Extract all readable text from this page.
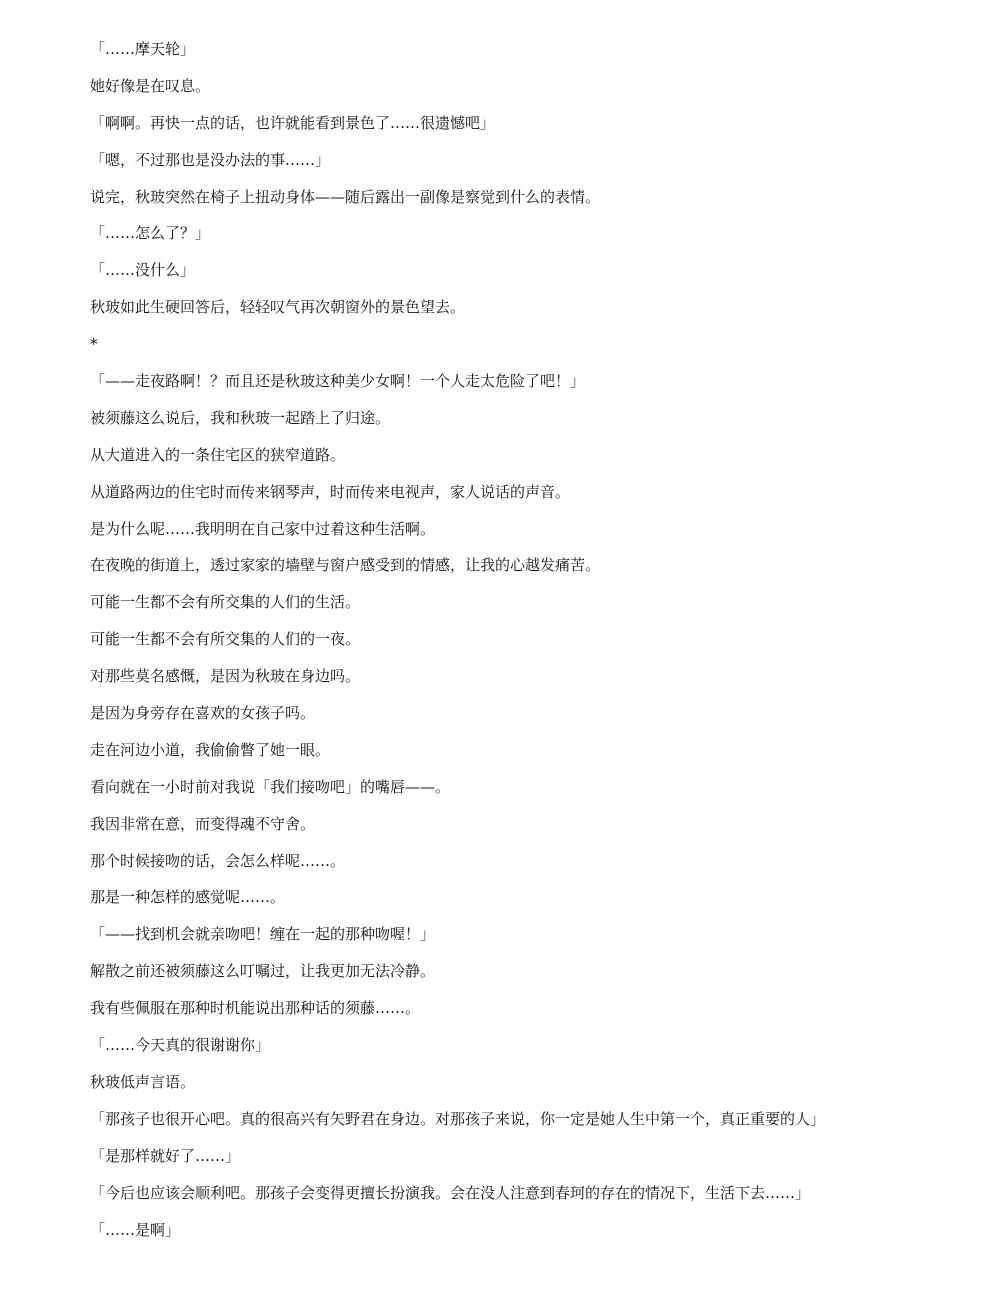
「……摩天轮」
她好像是在叹息。
「啊啊。再快一点的话，也许就能看到景色了……很遗憾吧」
「嗯，不过那也是没办法的事……」
说完，秋玻突然在椅子上扭动身体——随后露出一副像是察觉到什么的表情。
「……怎么了？」
「……没什么」
秋玻如此生硬回答后，轻轻叹气再次朝窗外的景色望去。
*
「——走夜路啊！？而且还是秋玻这种美少女啊！一个人走太危险了吧！」
被须藤这么说后，我和秋玻一起踏上了归途。
从大道进入的一条住宅区的狭窄道路。
从道路两边的住宅时而传来钢琴声，时而传来电视声，家人说话的声音。
是为什么呢……我明明在自己家中过着这种生活啊。
在夜晚的街道上，透过家家的墙壁与窗户感受到的情感，让我的心越发痛苦。
可能一生都不会有所交集的人们的生活。
可能一生都不会有所交集的人们的一夜。
对那些莫名感慨，是因为秋玻在身边吗。
是因为身旁存在喜欢的女孩子吗。
走在河边小道，我偷偷瞥了她一眼。
看向就在一小时前对我说「我们接吻吧」的嘴唇——。
我因非常在意，而变得魂不守舍。
那个时候接吻的话，会怎么样呢……。
那是一种怎样的感觉呢……。
「——找到机会就亲吻吧！缠在一起的那种吻喔！」
解散之前还被须藤这么叮嘱过，让我更加无法冷静。
我有些佩服在那种时机能说出那种话的须藤……。
「……今天真的很谢谢你」
秋玻低声言语。
「那孩子也很开心吧。真的很高兴有矢野君在身边。对那孩子来说，你一定是她人生中第一个，真正重要的人」
「是那样就好了……」
「今后也应该会顺利吧。那孩子会变得更擅长扮演我。会在没人注意到春珂的存在的情况下，生活下去……」
「……是啊」
